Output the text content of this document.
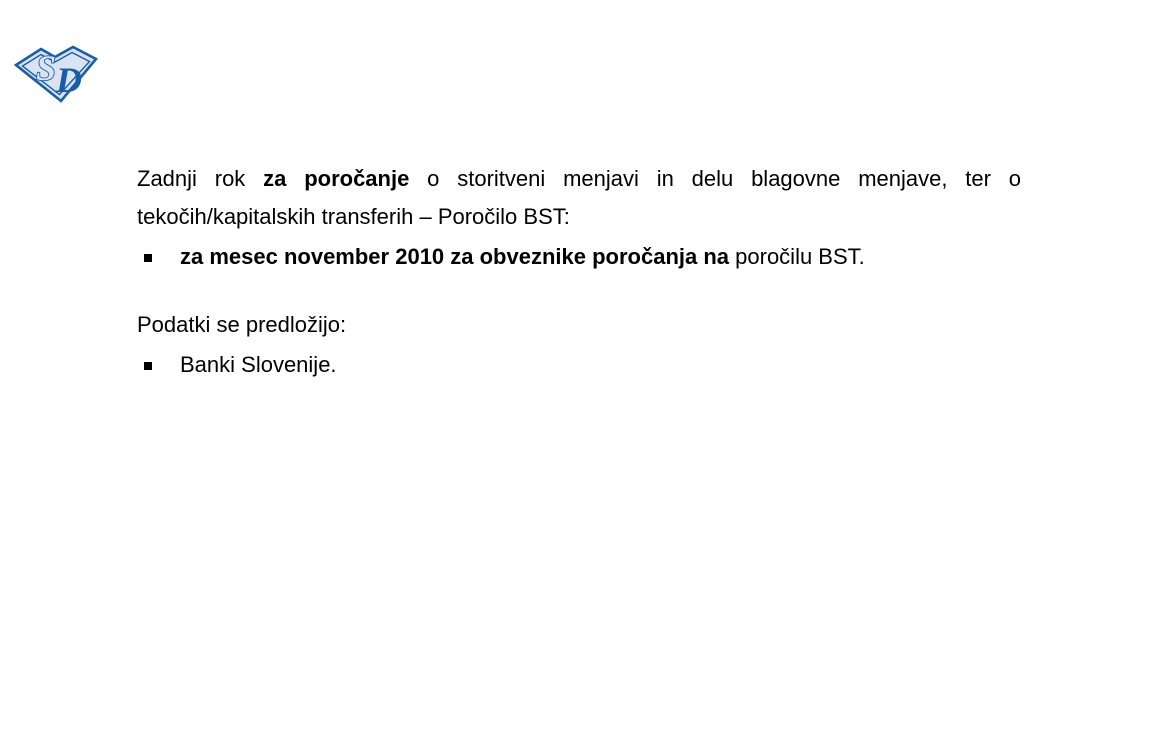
S D
Zadnji rok za poročanje o storitveni menjavi in delu blagovne menjave, ter o
tekočih/kapitalskih transferih – Poročilo BST:
za mesec november 2010 za obveznike poročanja na poročilu BST.
Podatki se predložijo:
Banki Slovenije.
